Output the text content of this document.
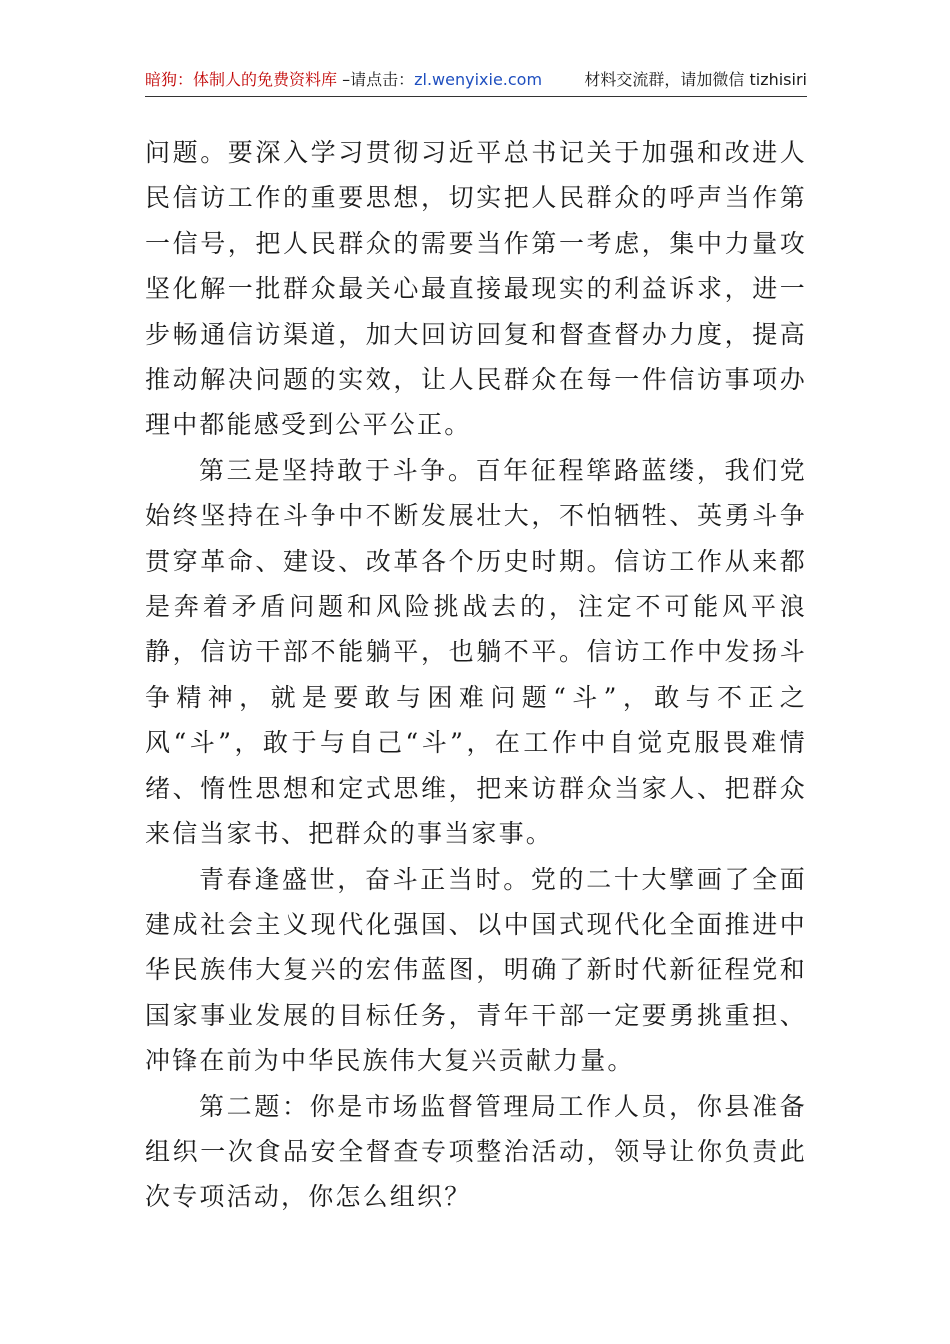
暗狗：体制人的免费资料库 –请点击：zl.wenyixie.com	材料交流群，请加微信 tizhisiri

问题。要深入学习贯彻习近平总书记关于加强和改进人民信访工作的重要思想，切实把人民群众的呼声当作第一信号，把人民群众的需要当作第一考虑，集中力量攻坚化解一批群众最关心最直接最现实的利益诉求，进一步畅通信访渠道，加大回访回复和督查督办力度，提高推动解决问题的实效，让人民群众在每一件信访事项办理中都能感受到公平公正。

第三是坚持敢于斗争。百年征程筚路蓝缕，我们党始终坚持在斗争中不断发展壮大，不怕牺牲、英勇斗争贯穿革命、建设、改革各个历史时期。信访工作从来都是奔着矛盾问题和风险挑战去的，注定不可能风平浪静，信访干部不能躺平，也躺不平。信访工作中发扬斗争精神，就是要敢与困难问题“斗”，敢与不正之风“斗”，敢于与自己“斗”，在工作中自觉克服畏难情绪、惰性思想和定式思维，把来访群众当家人、把群众来信当家书、把群众的事当家事。

青春逢盛世，奋斗正当时。党的二十大擘画了全面建成社会主义现代化强国、以中国式现代化全面推进中华民族伟大复兴的宏伟蓝图，明确了新时代新征程党和国家事业发展的目标任务，青年干部一定要勇挑重担、冲锋在前为中华民族伟大复兴贡献力量。

第二题：你是市场监督管理局工作人员，你县准备组织一次食品安全督查专项整治活动，领导让你负责此次专项活动，你怎么组织？
